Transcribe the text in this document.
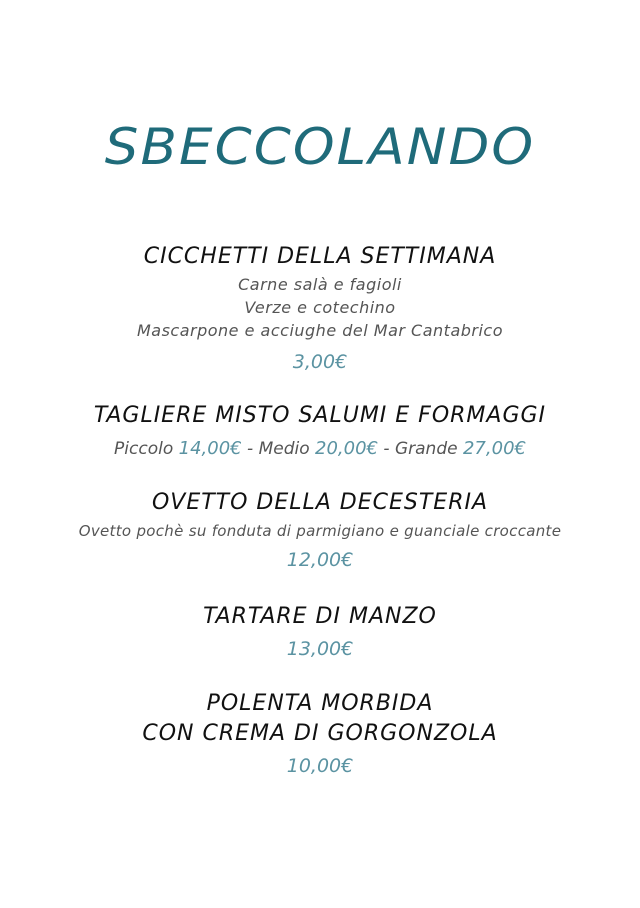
SBECCOLANDO
CICCHETTI DELLA SETTIMANA
Carne salà e fagioli
Verze e cotechino
Mascarpone e acciughe del Mar Cantabrico
3,00€
TAGLIERE MISTO SALUMI E FORMAGGI
Piccolo 14,00€ - Medio 20,00€ - Grande 27,00€
OVETTO DELLA DECESTERIA
Ovetto pochè su fonduta di parmigiano e guanciale croccante
12,00€
TARTARE DI MANZO
13,00€
POLENTA MORBIDA
CON CREMA DI GORGONZOLA
10,00€
